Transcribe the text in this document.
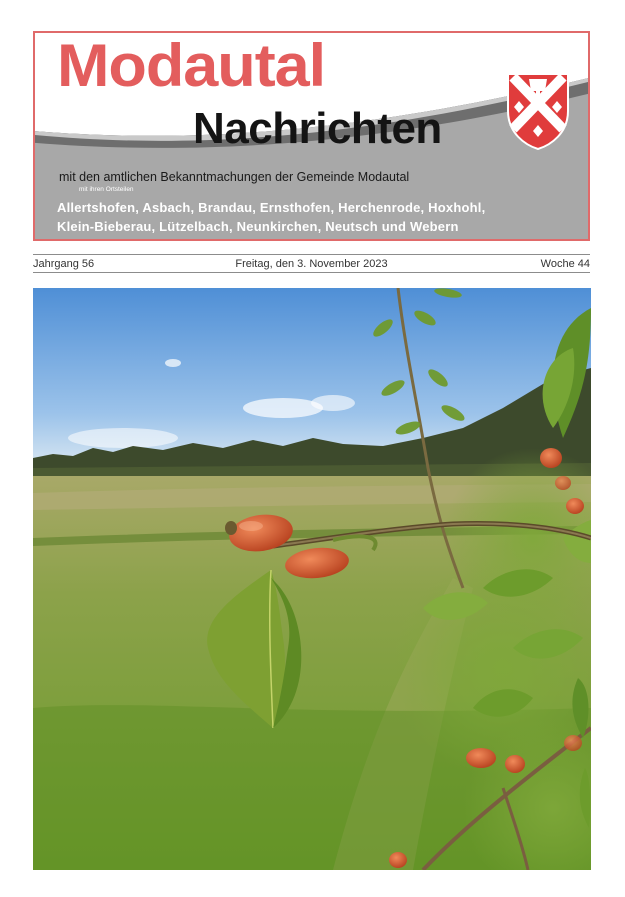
Modautal
Nachrichten
mit den amtlichen Bekanntmachungen der Gemeinde Modautal
mit ihren Ortsteilen
Allertshofen, Asbach, Brandau, Ernsthofen, Herchenrode, Hoxhohl,
Klein-Bieberau, Lützelbach, Neunkirchen, Neutsch und Webern
Jahrgang 56	Freitag, den 3. November 2023	Woche 44
